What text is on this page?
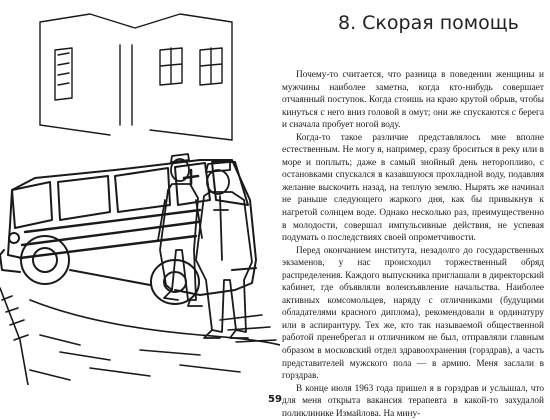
8. Скорая помощь

Почему-то считается, что разница в поведении женщины и мужчины наиболее заметна, когда кто-нибудь совершает отчаянный поступок. Когда стоишь на краю крутой обрыв, чтобы кинуться с него вниз головой в омут; они же спускаются с берега и сначала пробует ногой воду.

Когда-то такое различие представлялось мне вполне естественным. Не могу я, например, сразу броситься в реку или в море и поплыть; даже в самый знойный день неторопливо, с остановками спускался в казавшуюся прохладной воду, подавляя желание выскочить назад, на теплую землю. Нырять же начинал не раньше следующего жаркого дня, как бы привыкнув к нагретой солнцем воде. Однако несколько раз, преимущественно в молодости, совершал импульсивные действия, не успевая подумать о последствиях своей опрометчивости.

Перед окончанием института, незадолго до государственных экзаменов, у нас происходил торжественный обряд распределения. Каждого выпускника приглашали в директорский кабинет, где объявляли волеизъявление начальства. Наиболее активных комсомольцев, наряду с отличниками (будущими обладателями красного диплома), рекомендовали в ординатуру или в аспирантуру. Тех же, кто так называемой общественной работой пренебрегал и отличником не был, отправляли главным образом в московский отдел здравоохранения (горздрав), а часть представителей мужского пола — в армию. Меня заслали в горздрав.

В конце июля 1963 года пришел я в горздрав и услышал, что для меня открыта вакансия терапевта в какой-то захудалой поликлинике Измайлова. На мину-

59
